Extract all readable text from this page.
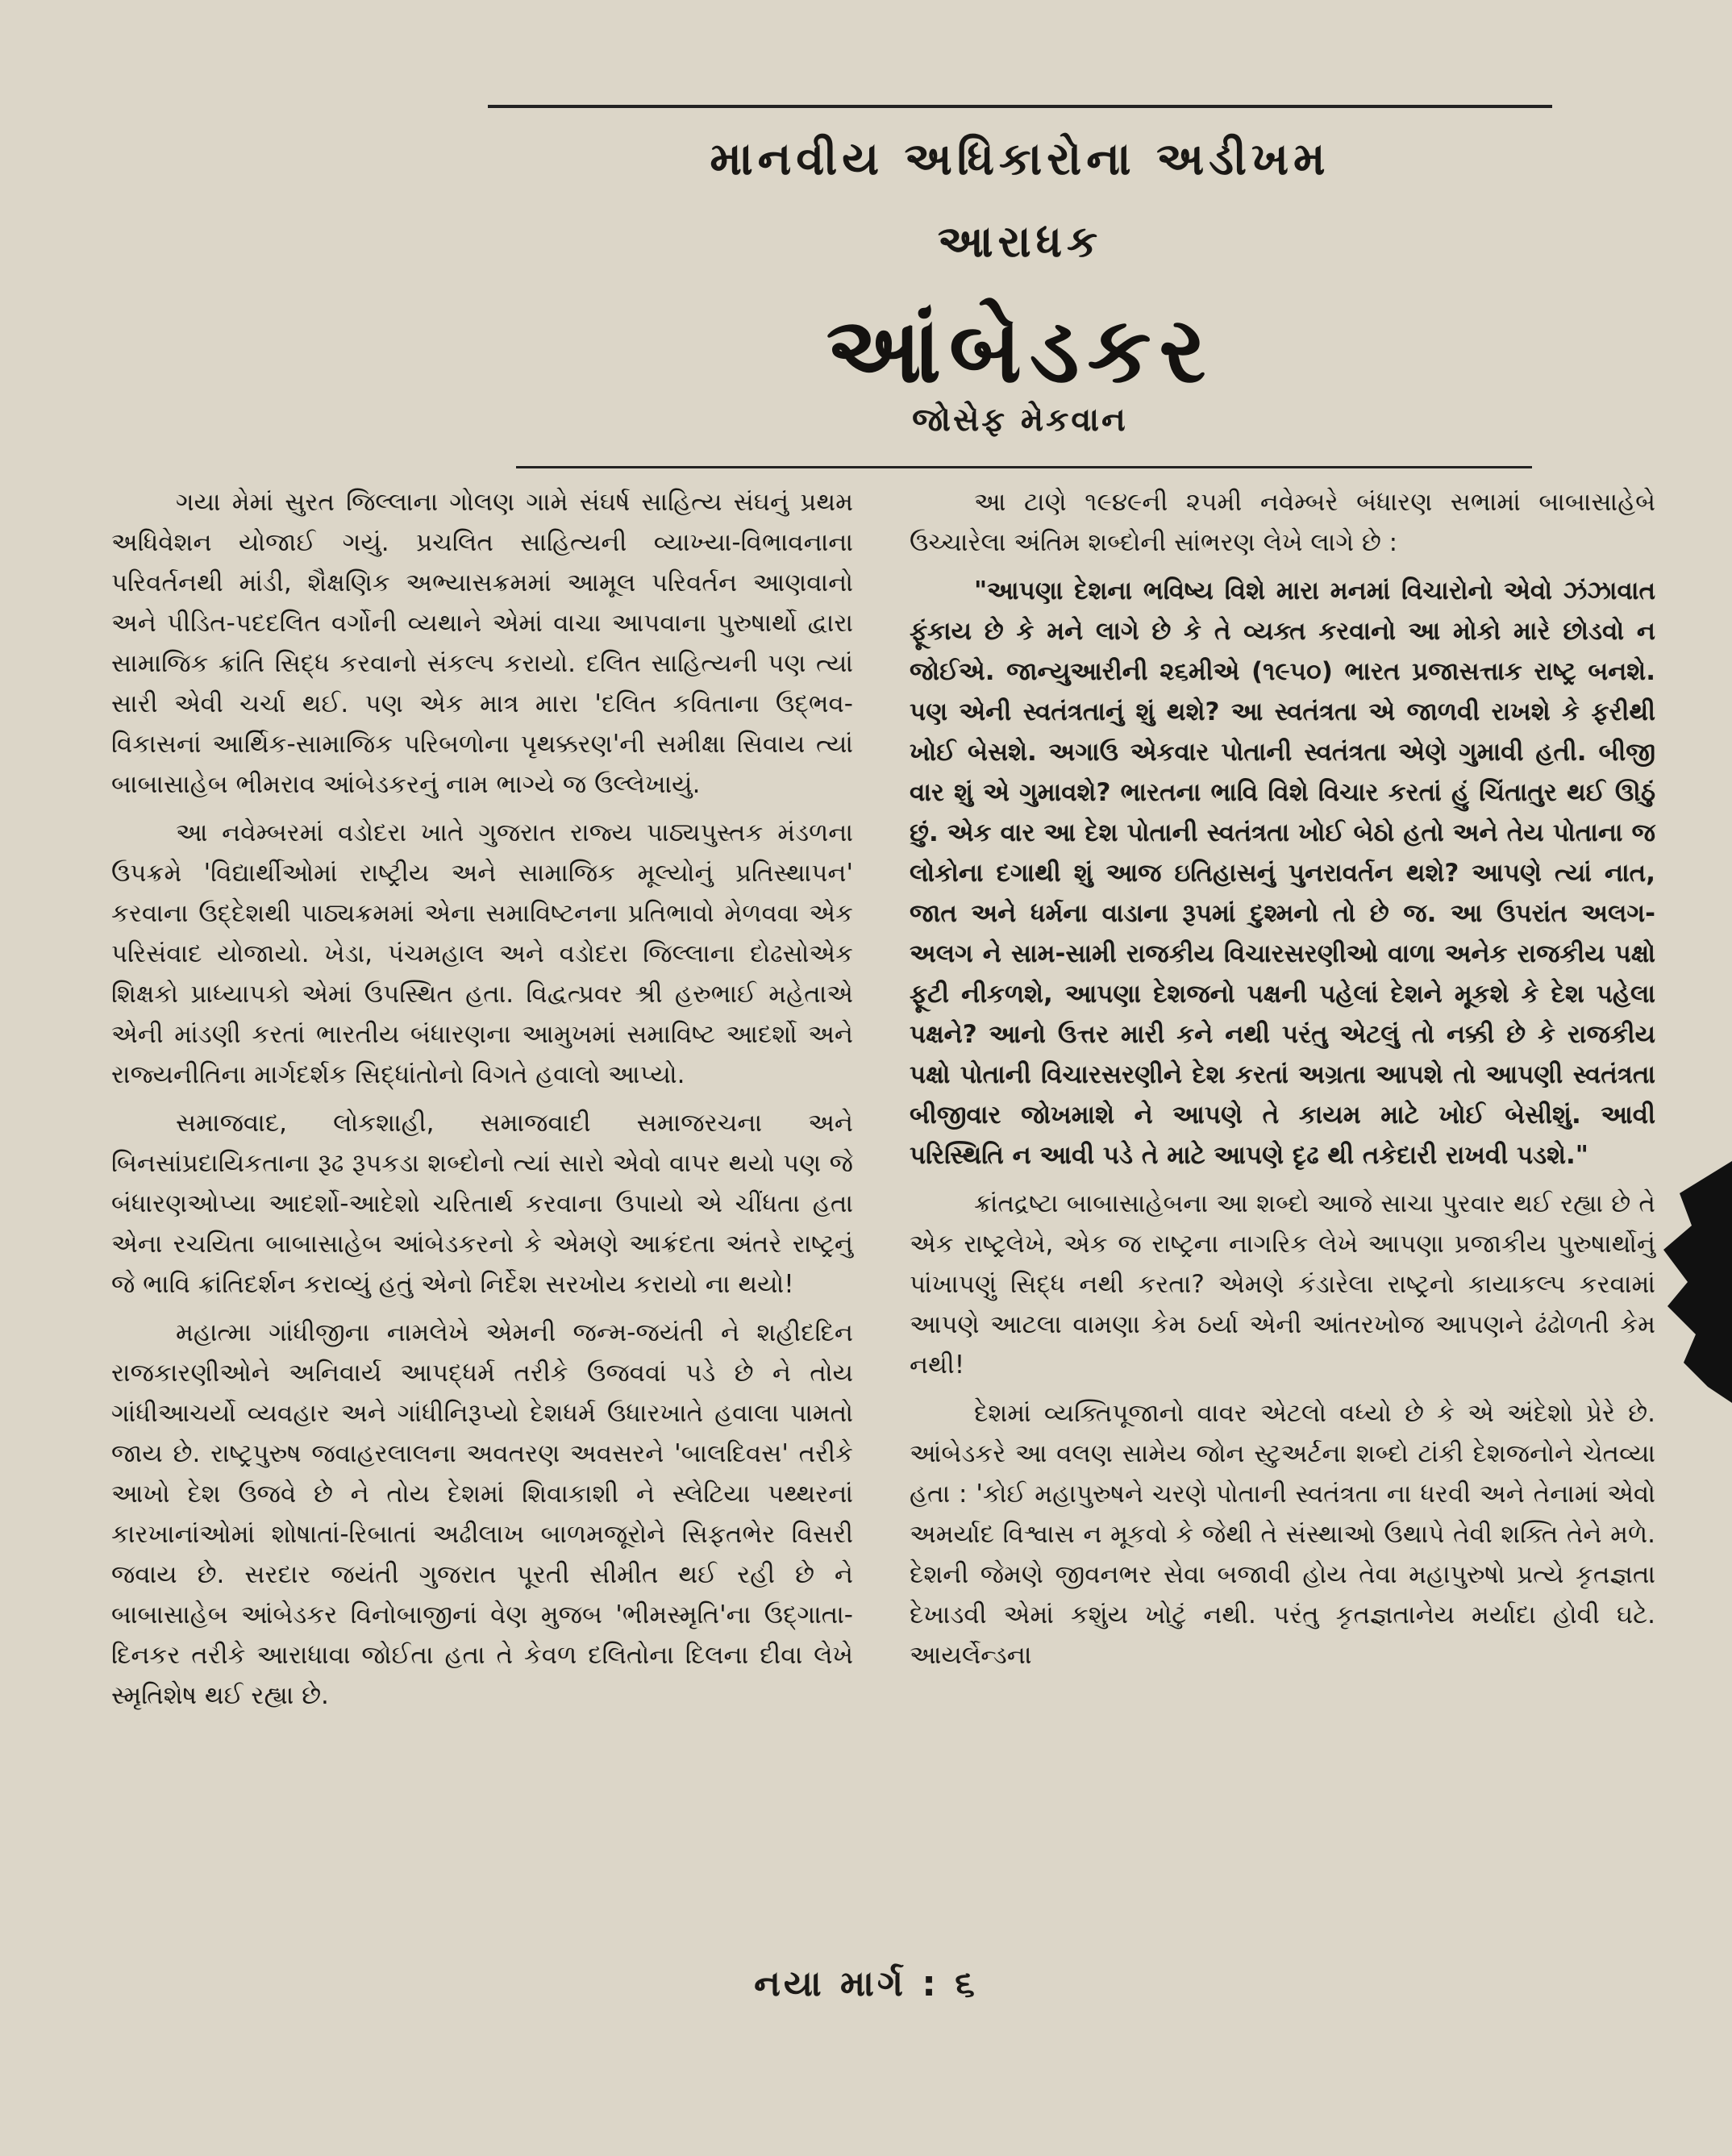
માનવીય અધિકારોના અડીખમ
આરાધક
આંબેડકર
જોસેફ મેકવાન

ગયા મેમાં સુરત જિલ્લાના ગોલણ ગામે સંઘર્ષ સાહિત્ય સંઘનું પ્રથમ અધિવેશન યોજાઈ ગયું. પ્રચલિત સાહિત્યની વ્યાખ્યા-વિભાવનાના પરિવર્તનથી માંડી, શૈક્ષણિક અભ્યાસક્રમમાં આમૂલ પરિવર્તન આણવાનો અને પીડિત-પદદલિત વર્ગોની વ્યથાને એમાં વાચા આપવાના પુરુષાર્થો દ્વારા સામાજિક ક્રાંતિ સિદ્ધ કરવાનો સંકલ્પ કરાયો. દલિત સાહિત્યની પણ ત્યાં સારી એવી ચર્ચા થઈ. પણ એક માત્ર મારા 'દલિત કવિતાના ઉદ્ભવ-વિકાસનાં આર્થિક-સામાજિક પરિબળોના પૃથક્કરણ'ની સમીક્ષા સિવાય ત્યાં બાબાસાહેબ ભીમરાવ આંબેડકરનું નામ ભાગ્યે જ ઉલ્લેખાયું.

આ નવેમ્બરમાં વડોદરા ખાતે ગુજરાત રાજ્ય પાઠ્યપુસ્તક મંડળના ઉપક્રમે 'વિદ્યાર્થીઓમાં રાષ્ટ્રીય અને સામાજિક મૂલ્યોનું પ્રતિસ્થાપન' કરવાના ઉદ્દેશથી પાઠ્યક્રમમાં એના સમાવિષ્ટનના પ્રતિભાવો મેળવવા એક પરિસંવાદ યોજાયો. ખેડા, પંચમહાલ અને વડોદરા જિલ્લાના દોઢસોએક શિક્ષકો પ્રાધ્યાપકો એમાં ઉપસ્થિત હતા. વિદ્વત્પ્રવર શ્રી હરુભાઈ મહેતાએ એની માંડણી કરતાં ભારતીય બંધારણના આમુખમાં સમાવિષ્ટ આદર્શો અને રાજ્યનીતિના માર્ગદર્શક સિદ્ધાંતોનો વિગતે હવાલો આપ્યો.

સમાજવાદ, લોકશાહી, સમાજવાદી સમાજરચના અને બિનસાંપ્રદાયિકતાના રૂઢ રૂપકડા શબ્દોનો ત્યાં સારો એવો વાપર થયો પણ જે બંધારણઓપ્યા આદર્શો-આદેશો ચરિતાર્થ કરવાના ઉપાયો એ ચીંધતા હતા એના રચયિતા બાબાસાહેબ આંબેડકરનો કે એમણે આક્રંદતા અંતરે રાષ્ટ્રનું જે ભાવિ ક્રાંતિદર્શન કરાવ્યું હતું એનો નિર્દેશ સરખોય કરાયો ના થયો!

મહાત્મા ગાંધીજીના નામલેખે એમની જન્મ-જયંતી ને શહીદદિન રાજકારણીઓને અનિવાર્ય આપદ્ધર્મ તરીકે ઉજવવાં પડે છે ને તોય ગાંધીઆચર્યો વ્યવહાર અને ગાંધીનિરૂપ્યો દેશધર્મ ઉધારખાતે હવાલા પામતો જાય છે. રાષ્ટ્રપુરુષ જવાહરલાલના અવતરણ અવસરને 'બાલદિવસ' તરીકે આખો દેશ ઉજવે છે ને તોય દેશમાં શિવાકાશી ને સ્લેટિયા પથ્થરનાં કારખાનાંઓમાં શોષાતાં-રિબાતાં અઢીલાખ બાળમજૂરોને સિફતભેર વિસરી જવાય છે. સરદાર જયંતી ગુજરાત પૂરતી સીમીત થઈ રહી છે ને બાબાસાહેબ આંબેડકર વિનોબાજીનાં વેણ મુજબ 'ભીમસ્મૃતિ'ના ઉદ્ગાતા-દિનકર તરીકે આરાધાવા જોઈતા હતા તે કેવળ દલિતોના દિલના દીવા લેખે સ્મૃતિશેષ થઈ રહ્યા છે.

આ ટાણે ૧૯૪૯ની ૨૫મી નવેમ્બરે બંધારણ સભામાં બાબાસાહેબે ઉચ્ચારેલા અંતિમ શબ્દોની સાંભરણ લેખે લાગે છે :

"આપણા દેશના ભવિષ્ય વિશે મારા મનમાં વિચારોનો એવો ઝંઝાવાત ફૂંકાય છે કે મને લાગે છે કે તે વ્યક્ત કરવાનો આ મોકો મારે છોડવો ન જોઈએ. જાન્યુઆરીની ૨૬મીએ (૧૯૫૦) ભારત પ્રજાસત્તાક રાષ્ટ્ર બનશે. પણ એની સ્વતંત્રતાનું શું થશે? આ સ્વતંત્રતા એ જાળવી રાખશે કે ફરીથી ખોઈ બેસશે. અગાઉ એકવાર પોતાની સ્વતંત્રતા એણે ગુમાવી હતી. બીજી વાર શું એ ગુમાવશે? ભારતના ભાવિ વિશે વિચાર કરતાં હું ચિંતાતુર થઈ ઊઠું છું. એક વાર આ દેશ પોતાની સ્વતંત્રતા ખોઈ બેઠો હતો અને તેય પોતાના જ લોકોના દગાથી શું આજ ઇતિહાસનું પુનરાવર્તન થશે? આપણે ત્યાં નાત, જાત અને ધર્મના વાડાના રૂપમાં દુશ્મનો તો છે જ. આ ઉપરાંત અલગ-અલગ ને સામ-સામી રાજકીય વિચારસરણીઓ વાળા અનેક રાજકીય પક્ષો ફૂટી નીકળશે, આપણા દેશજનો પક્ષની પહેલાં દેશને મૂકશે કે દેશ પહેલા પક્ષને? આનો ઉત્તર મારી કને નથી પરંતુ એટલું તો નક્કી છે કે રાજકીય પક્ષો પોતાની વિચારસરણીને દેશ કરતાં અગ્રતા આપશે તો આપણી સ્વતંત્રતા બીજીવાર જોખમાશે ને આપણે તે કાયમ માટે ખોઈ બેસીશું. આવી પરિસ્થિતિ ન આવી પડે તે માટે આપણે દૃઢ થી તકેદારી રાખવી પડશે."

ક્રાંતદ્રષ્ટા બાબાસાહેબના આ શબ્દો આજે સાચા પુરવાર થઈ રહ્યા છે તે એક રાષ્ટ્રલેખે, એક જ રાષ્ટ્રના નાગરિક લેખે આપણા પ્રજાકીય પુરુષાર્થોનું પાંખાપણું સિદ્ધ નથી કરતા? એમણે કંડારેલા રાષ્ટ્રનો કાયાકલ્પ કરવામાં આપણે આટલા વામણા કેમ ઠર્યા એની આંતરખોજ આપણને ઢંઢોળતી કેમ નથી!

દેશમાં વ્યક્તિપૂજાનો વાવર એટલો વધ્યો છે કે એ અંદેશો પ્રેરે છે. આંબેડકરે આ વલણ સામેય જોન સ્ટુઅર્ટના શબ્દો ટાંકી દેશજનોને ચેતવ્યા હતા : 'કોઈ મહાપુરુષને ચરણે પોતાની સ્વતંત્રતા ના ધરવી અને તેનામાં એવો અમર્યાદ વિશ્વાસ ન મૂકવો કે જેથી તે સંસ્થાઓ ઉથાપે તેવી શક્તિ તેને મળે. દેશની જેમણે જીવનભર સેવા બજાવી હોય તેવા મહાપુરુષો પ્રત્યે કૃતજ્ઞતા દેખાડવી એમાં કશુંય ખોટું નથી. પરંતુ કૃતજ્ઞતાનેય મર્યાદા હોવી ઘટે. આયર્લેન્ડના

નયા માર્ગ : ૬
